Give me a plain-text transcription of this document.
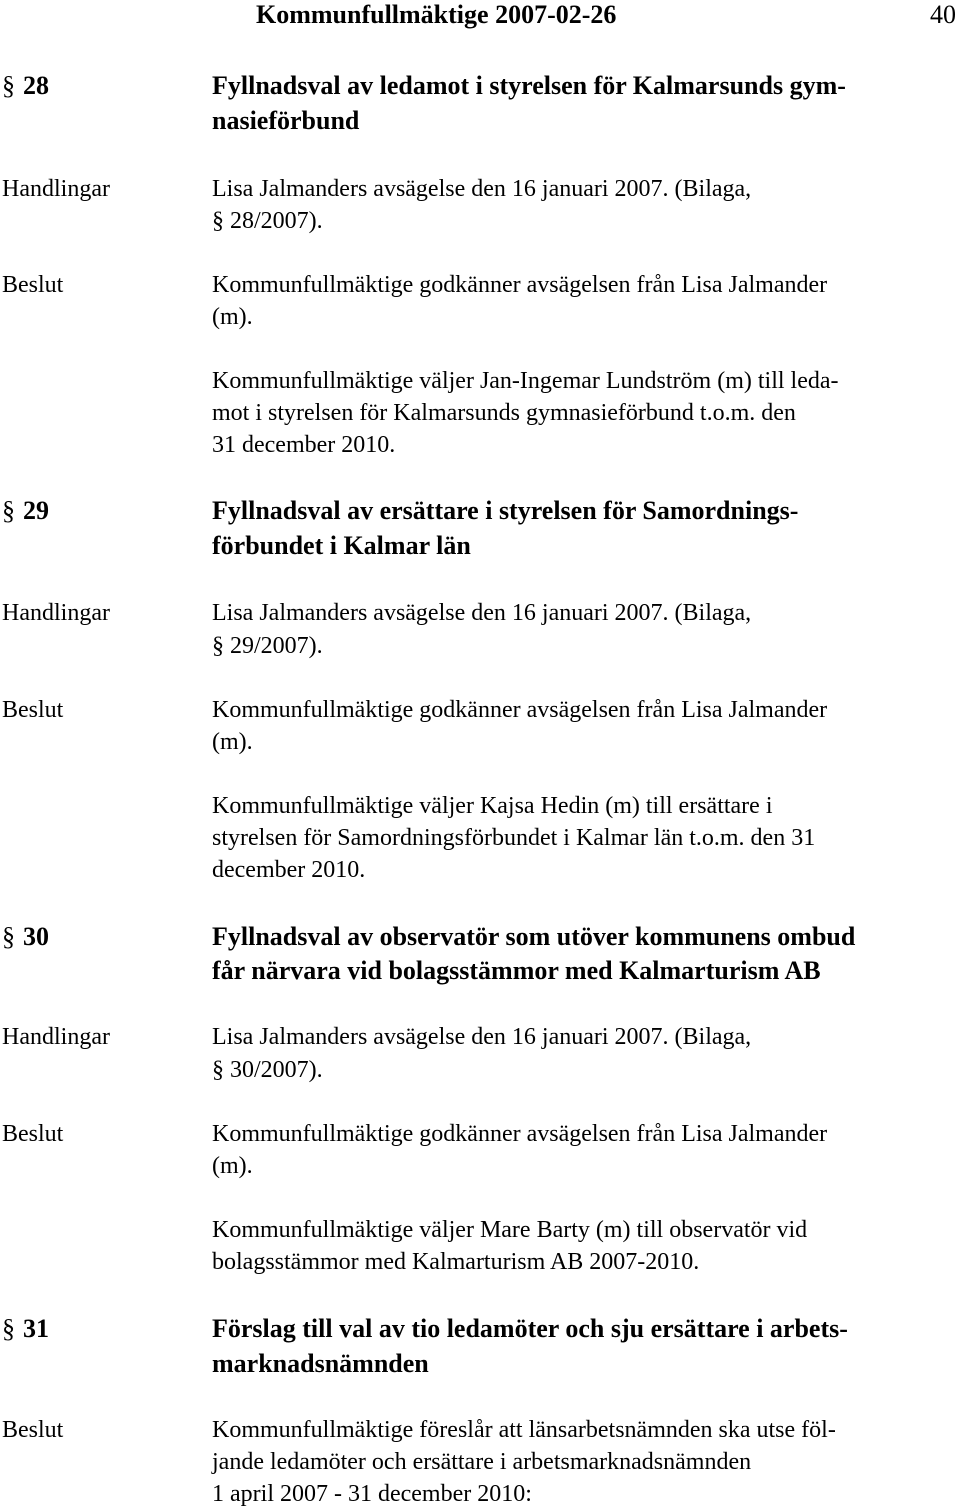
Kommunfullmäktige 2007-02-26	40
§ 28	Fyllnadsval av ledamot i styrelsen för Kalmarsunds gym-
nasieförbund
Handlingar	Lisa Jalmanders avsägelse den 16 januari 2007. (Bilaga,
§ 28/2007).
Beslut	Kommunfullmäktige godkänner avsägelsen från Lisa Jalmander
(m).
Kommunfullmäktige väljer Jan-Ingemar Lundström (m) till leda-
mot i styrelsen för Kalmarsunds gymnasieförbund t.o.m. den
31 december 2010.
§ 29	Fyllnadsval av ersättare i styrelsen för Samordnings-
förbundet i Kalmar län
Handlingar	Lisa Jalmanders avsägelse den 16 januari 2007. (Bilaga,
§ 29/2007).
Beslut	Kommunfullmäktige godkänner avsägelsen från Lisa Jalmander
(m).
Kommunfullmäktige väljer Kajsa Hedin (m) till ersättare i
styrelsen för Samordningsförbundet i Kalmar län t.o.m. den 31
december 2010.
§ 30	Fyllnadsval av observatör som utöver kommunens ombud
får närvara vid bolagsstämmor med Kalmarturism AB
Handlingar	Lisa Jalmanders avsägelse den 16 januari 2007. (Bilaga,
§ 30/2007).
Beslut	Kommunfullmäktige godkänner avsägelsen från Lisa Jalmander
(m).
Kommunfullmäktige väljer Mare Barty (m) till observatör vid
bolagsstämmor med Kalmarturism AB 2007-2010.
§ 31	Förslag till val av tio ledamöter och sju ersättare i arbets-
marknadsnämnden
Beslut	Kommunfullmäktige föreslår att länsarbetsnämnden ska utse föl-
jande ledamöter och ersättare i arbetsmarknadsnämnden
1 april 2007 - 31 december 2010:
